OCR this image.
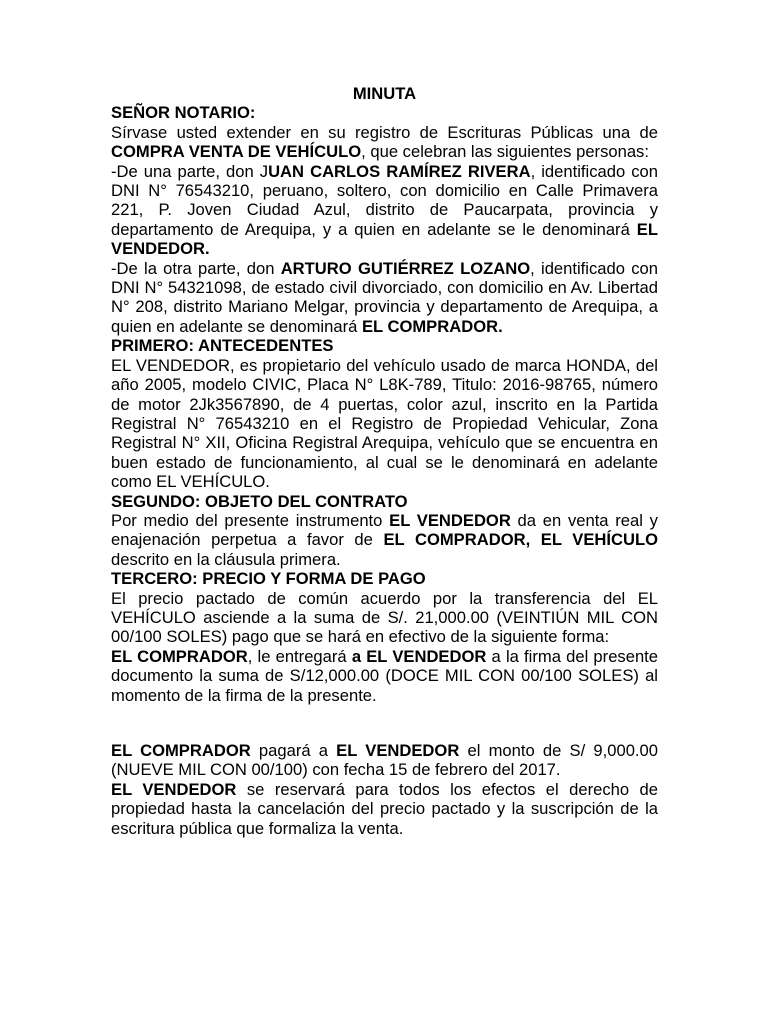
MINUTA

SEÑOR NOTARIO:

Sírvase usted extender en su registro de Escrituras Públicas una de COMPRA VENTA DE VEHÍCULO, que celebran las siguientes personas:

-De una parte, don JUAN CARLOS RAMÍREZ RIVERA, identificado con DNI N° 76543210, peruano, soltero, con domicilio en Calle Primavera 221, P. Joven Ciudad Azul, distrito de Paucarpata, provincia y departamento de Arequipa, y a quien en adelante se le denominará EL VENDEDOR.

-De la otra parte, don ARTURO GUTIÉRREZ LOZANO, identificado con DNI N° 54321098, de estado civil divorciado, con domicilio en Av. Libertad N° 208, distrito Mariano Melgar, provincia y departamento de Arequipa, a quien en adelante se denominará EL COMPRADOR.

PRIMERO: ANTECEDENTES

EL VENDEDOR, es propietario del vehículo usado de marca HONDA, del año 2005, modelo CIVIC, Placa N° L8K-789, Titulo: 2016-98765, número de motor 2Jk3567890, de 4 puertas, color azul, inscrito en la Partida Registral N° 76543210 en el Registro de Propiedad Vehicular, Zona Registral N° XII, Oficina Registral Arequipa, vehículo que se encuentra en buen estado de funcionamiento, al cual se le denominará en adelante como EL VEHÍCULO.

SEGUNDO: OBJETO DEL CONTRATO

Por medio del presente instrumento EL VENDEDOR da en venta real y enajenación perpetua a favor de EL COMPRADOR, EL VEHÍCULO descrito en la cláusula primera.

TERCERO: PRECIO Y FORMA DE PAGO

El precio pactado de común acuerdo por la transferencia del EL VEHÍCULO asciende a la suma de S/. 21,000.00 (VEINTIÚN MIL CON 00/100 SOLES) pago que se hará en efectivo de la siguiente forma:

EL COMPRADOR, le entregará a EL VENDEDOR a la firma del presente documento la suma de S/12,000.00 (DOCE MIL CON 00/100 SOLES) al momento de la firma de la presente.

EL COMPRADOR pagará a EL VENDEDOR el monto de S/ 9,000.00 (NUEVE MIL CON 00/100) con fecha 15 de febrero del 2017.

EL VENDEDOR se reservará para todos los efectos el derecho de propiedad hasta la cancelación del precio pactado y la suscripción de la escritura pública que formaliza la venta.
